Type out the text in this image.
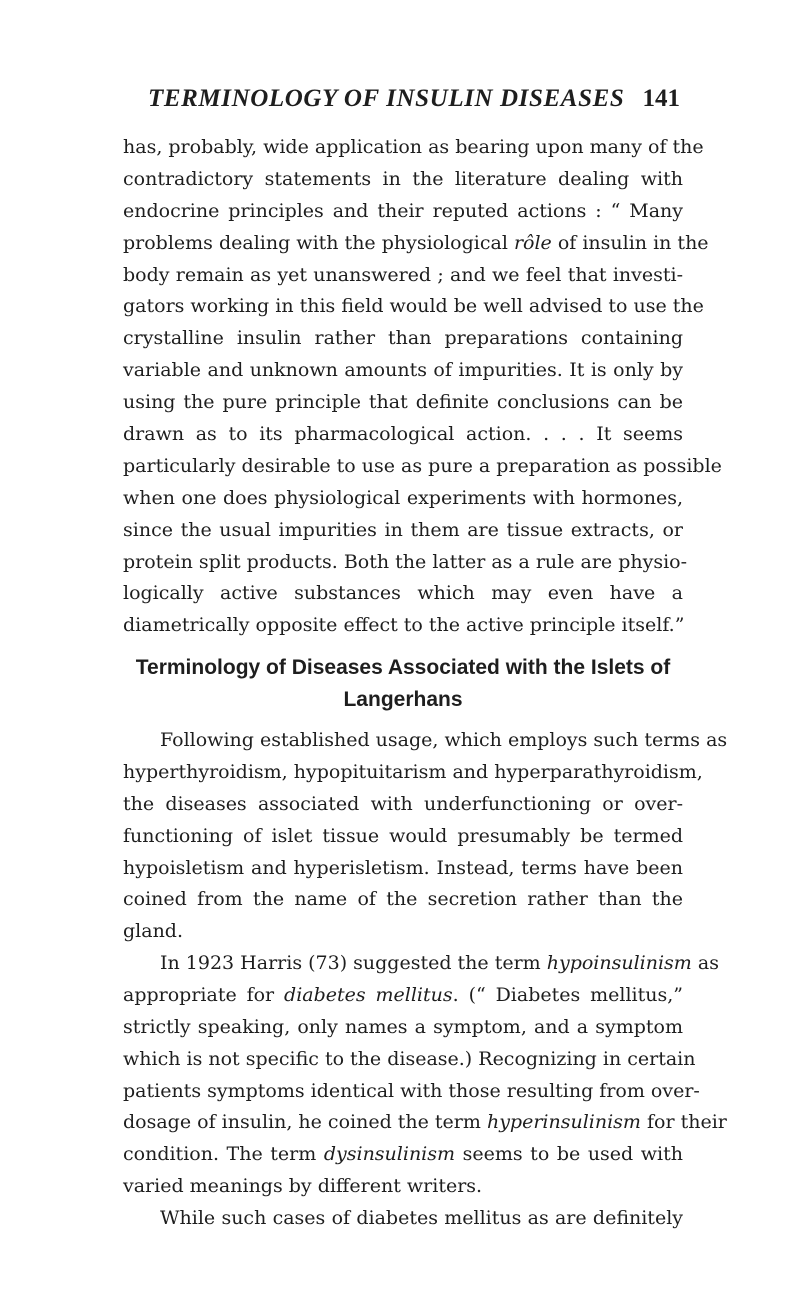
TERMINOLOGY OF INSULIN DISEASES 141
has, probably, wide application as bearing upon many of the
contradictory statements in the literature dealing with
endocrine principles and their reputed actions : “ Many
problems dealing with the physiological rôle of insulin in the
body remain as yet unanswered ; and we feel that investi-
gators working in this field would be well advised to use the
crystalline insulin rather than preparations containing
variable and unknown amounts of impurities. It is only by
using the pure principle that definite conclusions can be
drawn as to its pharmacological action. . . . It seems
particularly desirable to use as pure a preparation as possible
when one does physiological experiments with hormones,
since the usual impurities in them are tissue extracts, or
protein split products. Both the latter as a rule are physio-
logically active substances which may even have a
diametrically opposite effect to the active principle itself.”
Terminology of Diseases Associated with the Islets of
Langerhans
Following established usage, which employs such terms as
hyperthyroidism, hypopituitarism and hyperparathyroidism,
the diseases associated with underfunctioning or over-
functioning of islet tissue would presumably be termed
hypoisletism and hyperisletism. Instead, terms have been
coined from the name of the secretion rather than the
gland.
In 1923 Harris (73) suggested the term hypoinsulinism as
appropriate for diabetes mellitus. (“ Diabetes mellitus,”
strictly speaking, only names a symptom, and a symptom
which is not specific to the disease.) Recognizing in certain
patients symptoms identical with those resulting from over-
dosage of insulin, he coined the term hyperinsulinism for their
condition. The term dysinsulinism seems to be used with
varied meanings by different writers.
While such cases of diabetes mellitus as are definitely
